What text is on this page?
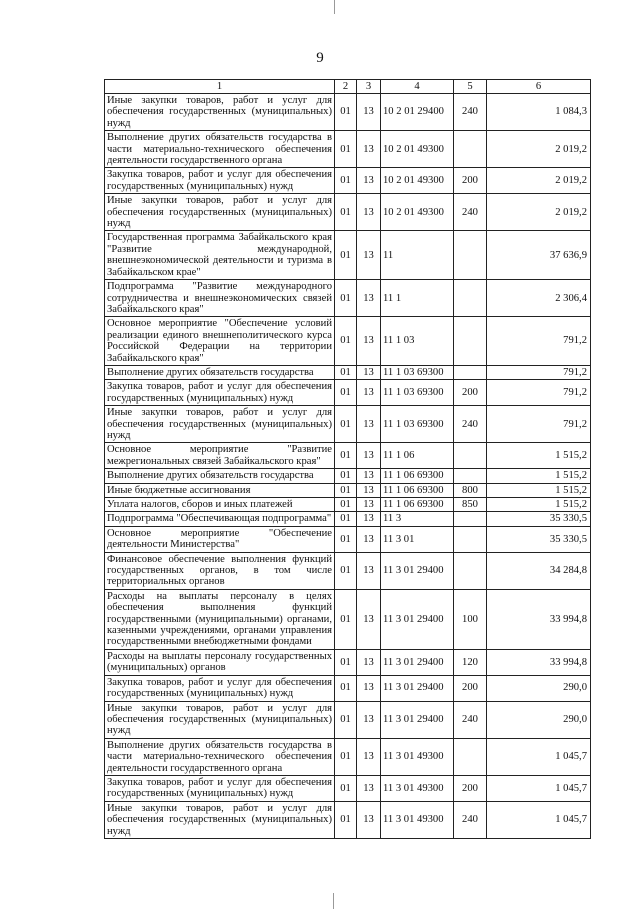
9
1	2	3	4	5	6
Иные закупки товаров, работ и услуг для обеспечения государственных (муниципальных) нужд	01	13	10 2 01 29400	240	1 084,3
Выполнение других обязательств государства в части материально-технического обеспечения деятельности государственного органа	01	13	10 2 01 49300		2 019,2
Закупка товаров, работ и услуг для обеспечения государственных (муниципальных) нужд	01	13	10 2 01 49300	200	2 019,2
Иные закупки товаров, работ и услуг для обеспечения государственных (муниципальных) нужд	01	13	10 2 01 49300	240	2 019,2
Государственная программа Забайкальского края "Развитие международной, внешнеэкономической деятельности и туризма в Забайкальском крае"	01	13	11		37 636,9
Подпрограмма "Развитие международного сотрудничества и внешнеэкономических связей Забайкальского края"	01	13	11 1		2 306,4
Основное мероприятие "Обеспечение условий реализации единого внешнеполитического курса Российской Федерации на территории Забайкальского края"	01	13	11 1 03		791,2
Выполнение других обязательств государства	01	13	11 1 03 69300		791,2
Закупка товаров, работ и услуг для обеспечения государственных (муниципальных) нужд	01	13	11 1 03 69300	200	791,2
Иные закупки товаров, работ и услуг для обеспечения государственных (муниципальных) нужд	01	13	11 1 03 69300	240	791,2
Основное мероприятие "Развитие межрегиональных связей Забайкальского края"	01	13	11 1 06		1 515,2
Выполнение других обязательств государства	01	13	11 1 06 69300		1 515,2
Иные бюджетные ассигнования	01	13	11 1 06 69300	800	1 515,2
Уплата налогов, сборов и иных платежей	01	13	11 1 06 69300	850	1 515,2
Подпрограмма "Обеспечивающая подпрограмма"	01	13	11 3		35 330,5
Основное мероприятие "Обеспечение деятельности Министерства"	01	13	11 3 01		35 330,5
Финансовое обеспечение выполнения функций государственных органов, в том числе территориальных органов	01	13	11 3 01 29400		34 284,8
Расходы на выплаты персоналу в целях обеспечения выполнения функций государственными (муниципальными) органами, казенными учреждениями, органами управления государственными внебюджетными фондами	01	13	11 3 01 29400	100	33 994,8
Расходы на выплаты персоналу государственных (муниципальных) органов	01	13	11 3 01 29400	120	33 994,8
Закупка товаров, работ и услуг для обеспечения государственных (муниципальных) нужд	01	13	11 3 01 29400	200	290,0
Иные закупки товаров, работ и услуг для обеспечения государственных (муниципальных) нужд	01	13	11 3 01 29400	240	290,0
Выполнение других обязательств государства в части материально-технического обеспечения деятельности государственного органа	01	13	11 3 01 49300		1 045,7
Закупка товаров, работ и услуг для обеспечения государственных (муниципальных) нужд	01	13	11 3 01 49300	200	1 045,7
Иные закупки товаров, работ и услуг для обеспечения государственных (муниципальных) нужд	01	13	11 3 01 49300	240	1 045,7
